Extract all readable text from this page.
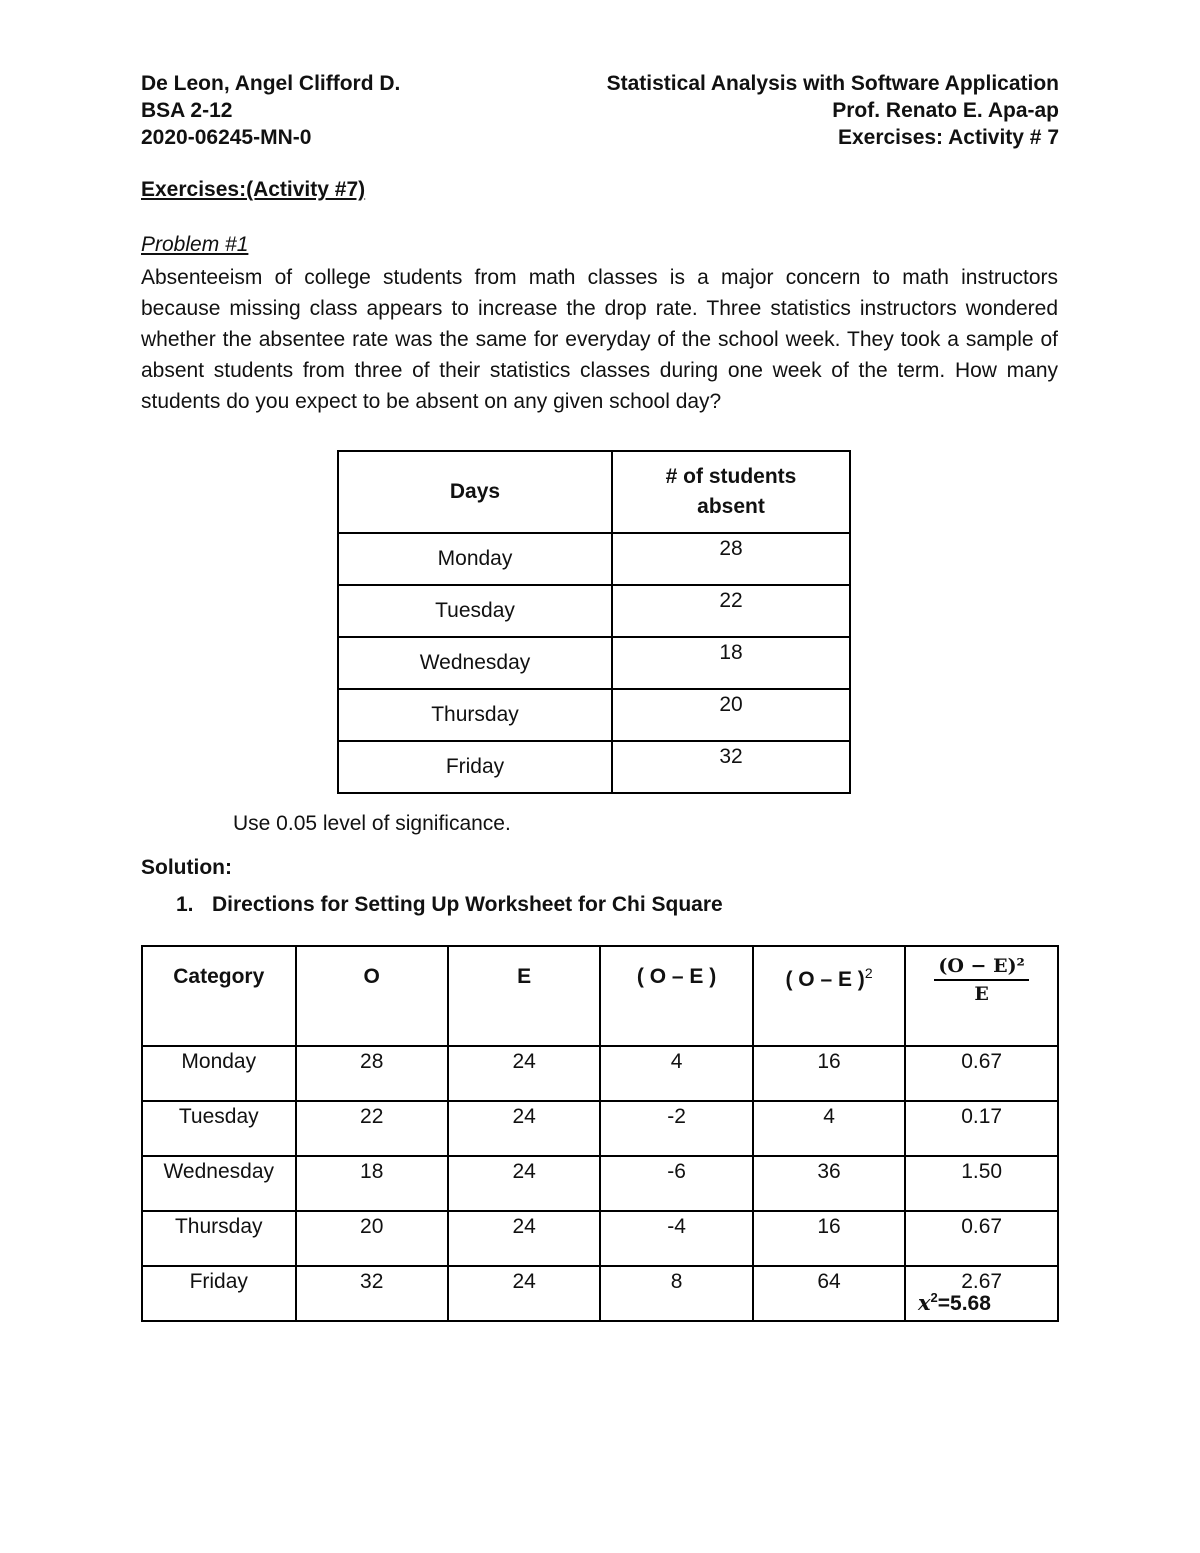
De Leon, Angel Clifford D.
BSA 2-12
2020-06245-MN-0
Statistical Analysis with Software Application
Prof. Renato E. Apa-ap
Exercises: Activity # 7
Exercises:(Activity #7)
Problem #1

Absenteeism of college students from math classes is a major concern to math instructors because missing class appears to increase the drop rate. Three statistics instructors wondered whether the absentee rate was the same for everyday of the school week. They took a sample of absent students from three of their statistics classes during one week of the term. How many students do you expect to be absent on any given school day?

Days	# of students absent

Monday	28
Tuesday	22
Wednesday	18
Thursday	20
Friday	32
Use 0.05 level of significance.
Solution:
1. Directions for Setting Up Worksheet for Chi Square
Category	O	E	( O – E )	( O – E )$^2$	$\frac{\text{(O − E)²}}{E}$

Monday	28	24	4	16	0.67
Tuesday	22	24	-2	4	0.17
Wednesday	18	24	-6	36	1.50
Thursday	20	24	-4	16	0.67
Friday	32	24	8	64	2.67
$x^2=5.68$
